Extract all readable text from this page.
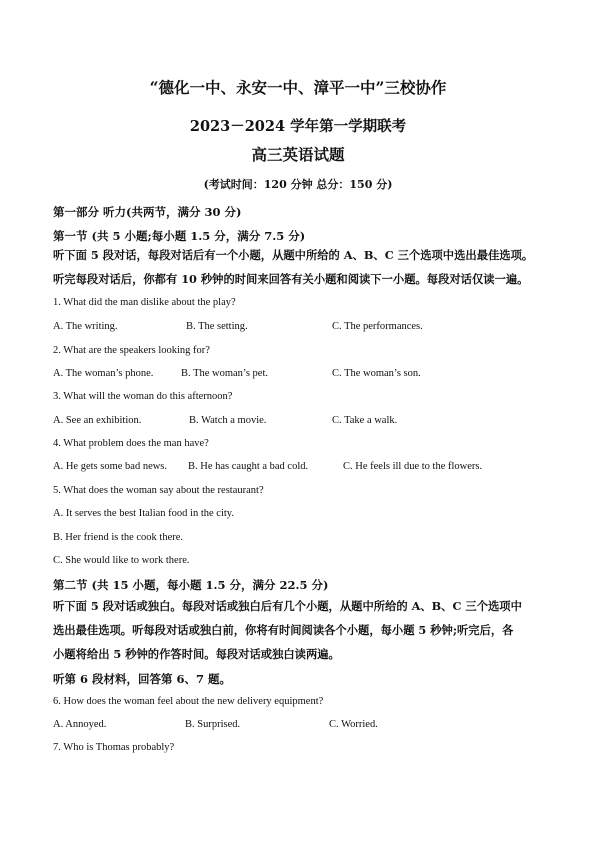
“德化一中、永安一中、漳平一中”三校协作
2023－2024 学年第一学期联考
高三英语试题
(考试时间：120 分钟 总分：150 分)
第一部分 听力(共两节，满分 30 分)
第一节 (共 5 小题;每小题 1.5 分，满分 7.5 分)
听下面 5 段对话，每段对话后有一个小题，从题中所给的 A、B、C 三个选项中选出最佳选项。
听完每段对话后，你都有 10 秒钟的时间来回答有关小题和阅读下一小题。每段对话仅读一遍。
1. What did the man dislike about the play?
A. The writing.	B. The setting.	C. The performances.
2. What are the speakers looking for?
A. The woman’s phone.	B. The woman’s pet.	C. The woman’s son.
3. What will the woman do this afternoon?
A. See an exhibition.	B. Watch a movie.	C. Take a walk.
4. What problem does the man have?
A. He gets some bad news. B. He has caught a bad cold.	C. He feels ill due to the flowers.
5. What does the woman say about the restaurant?
A. It serves the best Italian food in the city.
B. Her friend is the cook there.
C. She would like to work there.
第二节 (共 15 小题，每小题 1.5 分，满分 22.5 分)
听下面 5 段对话或独白。每段对话或独白后有几个小题，从题中所给的 A、B、C 三个选项中
选出最佳选项。听每段对话或独白前，你将有时间阅读各个小题，每小题 5 秒钟;听完后，各
小题将给出 5 秒钟的作答时间。每段对话或独白读两遍。
听第 6 段材料，回答第 6、7 题。
6. How does the woman feel about the new delivery equipment?
A. Annoyed.	B. Surprised.	C. Worried.
7. Who is Thomas probably?
